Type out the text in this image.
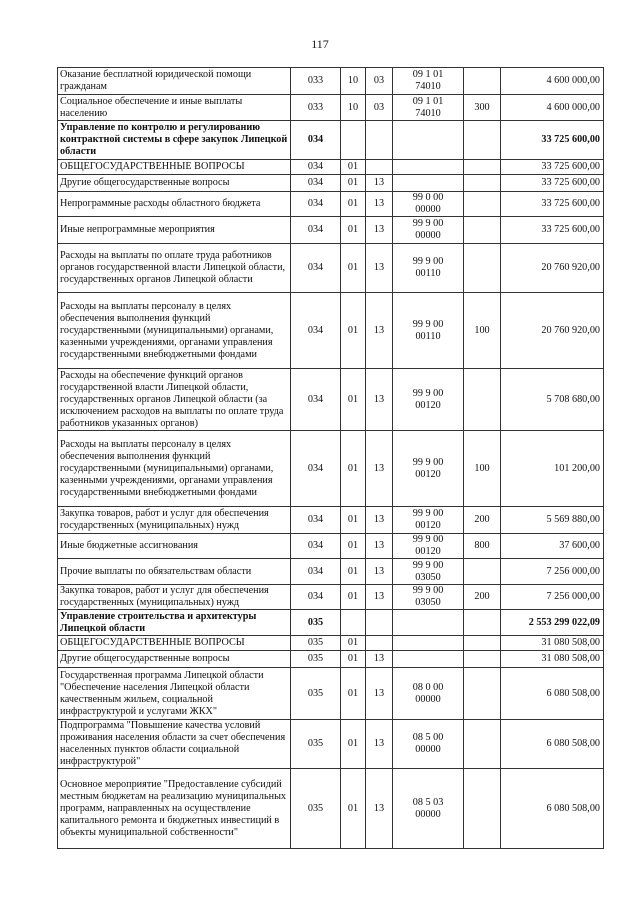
117
Оказание бесплатной юридической помощи гражданам	033	10	03	09 1 01 74010		4 600 000,00
Социальное обеспечение и иные выплаты населению	033	10	03	09 1 01 74010	300	4 600 000,00
Управление по контролю и регулированию контрактной системы в сфере закупок Липецкой области	034					33 725 600,00
ОБЩЕГОСУДАРСТВЕННЫЕ ВОПРОСЫ	034	01				33 725 600,00
Другие общегосударственные вопросы	034	01	13			33 725 600,00
Непрограммные расходы областного бюджета	034	01	13	99 0 00 00000		33 725 600,00
Иные непрограммные мероприятия	034	01	13	99 9 00 00000		33 725 600,00
Расходы на выплаты по оплате труда работников органов государственной власти Липецкой области, государственных органов Липецкой области	034	01	13	99 9 00 00110		20 760 920,00
Расходы на выплаты персоналу в целях обеспечения выполнения функций государственными (муниципальными) органами, казенными учреждениями, органами управления государственными внебюджетными фондами	034	01	13	99 9 00 00110	100	20 760 920,00
Расходы на обеспечение функций органов государственной власти Липецкой области, государственных органов Липецкой области (за исключением расходов на выплаты по оплате труда работников указанных органов)	034	01	13	99 9 00 00120		5 708 680,00
Расходы на выплаты персоналу в целях обеспечения выполнения функций государственными (муниципальными) органами, казенными учреждениями, органами управления государственными внебюджетными фондами	034	01	13	99 9 00 00120	100	101 200,00
Закупка товаров, работ и услуг для обеспечения государственных (муниципальных) нужд	034	01	13	99 9 00 00120	200	5 569 880,00
Иные бюджетные ассигнования	034	01	13	99 9 00 00120	800	37 600,00
Прочие выплаты по обязательствам области	034	01	13	99 9 00 03050		7 256 000,00
Закупка товаров, работ и услуг для обеспечения государственных (муниципальных) нужд	034	01	13	99 9 00 03050	200	7 256 000,00
Управление строительства и архитектуры Липецкой области	035					2 553 299 022,09
ОБЩЕГОСУДАРСТВЕННЫЕ ВОПРОСЫ	035	01				31 080 508,00
Другие общегосударственные вопросы	035	01	13			31 080 508,00
Государственная программа Липецкой области "Обеспечение населения Липецкой области качественным жильем, социальной инфраструктурой и услугами ЖКХ"	035	01	13	08 0 00 00000		6 080 508,00
Подпрограмма "Повышение качества условий проживания населения области за счет обеспечения населенных пунктов области социальной инфраструктурой"	035	01	13	08 5 00 00000		6 080 508,00
Основное мероприятие "Предоставление субсидий местным бюджетам на реализацию муниципальных программ, направленных на осуществление капитального ремонта и бюджетных инвестиций в объекты муниципальной собственности"	035	01	13	08 5 03 00000		6 080 508,00
